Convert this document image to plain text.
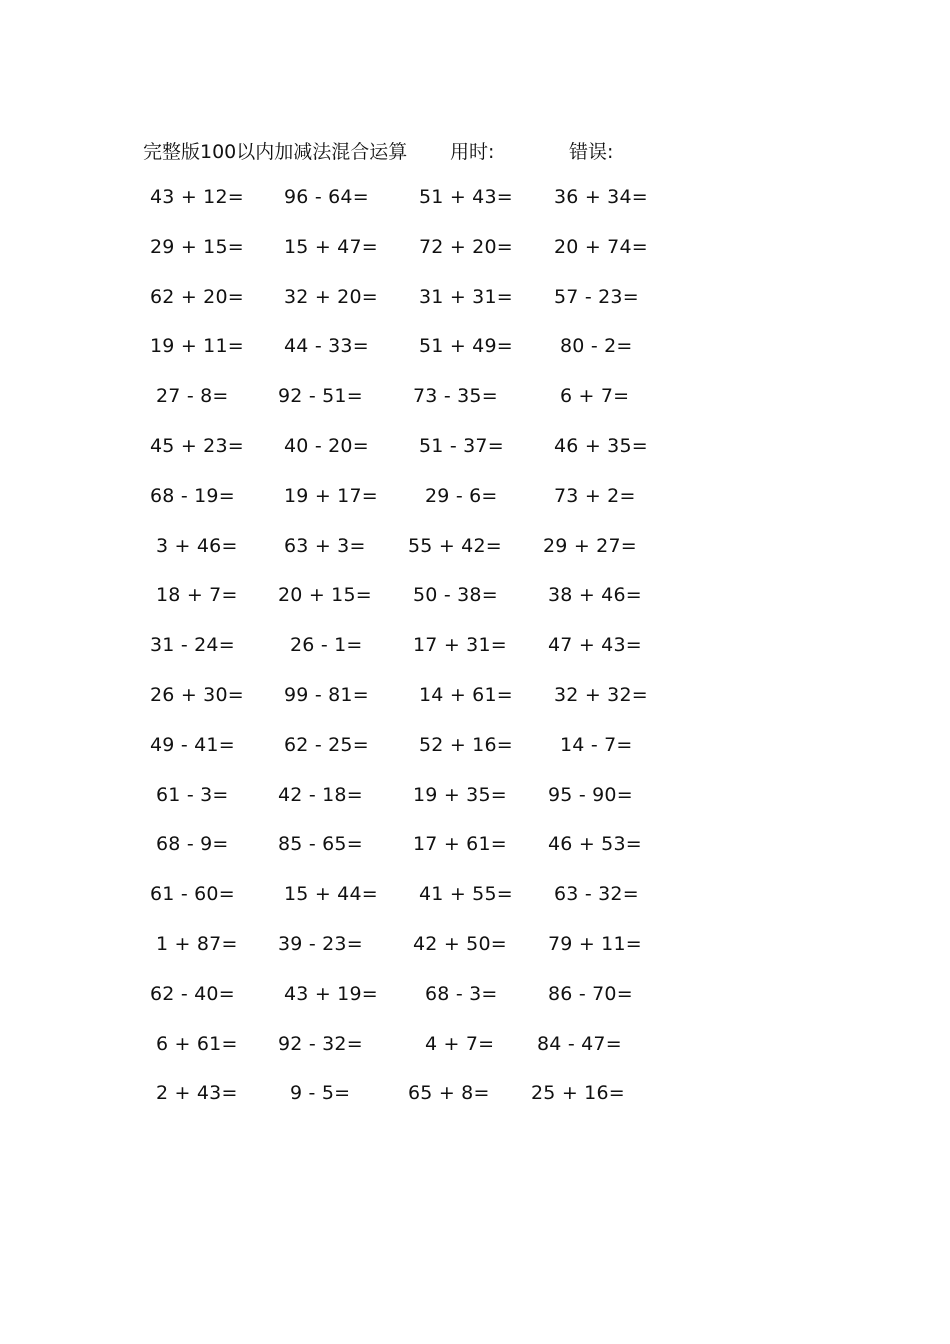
完整版100以内加减法混合运算 用时:	错误:
43 + 12= 96 - 64=	51 + 43= 36 + 34=
29 + 15= 15 + 47= 72 + 20= 20 + 74=
62 + 20= 32 + 20= 31 + 31= 57 - 23=
19 + 11= 44 - 33=	51 + 49= 80 - 2=
27 - 8=	92 - 51=	73 - 35=	6 + 7=
45 + 23= 40 - 20=	51 - 37=	46 + 35=
68 - 19=	19 + 17= 29 - 6=	73 + 2=
3 + 46= 63 + 3= 55 + 42= 29 + 27=
18 + 7= 20 + 15= 50 - 38=	38 + 46=
31 - 24=	26 - 1=	17 + 31= 47 + 43=
26 + 30= 99 - 81=	14 + 61= 32 + 32=
49 - 41=	62 - 25=	52 + 16= 14 - 7=
61 - 3=	42 - 18=	19 + 35= 95 - 90=
68 - 9=	85 - 65=	17 + 61= 46 + 53=
61 - 60=	15 + 44= 41 + 55= 63 - 32=
1 + 87= 39 - 23=	42 + 50= 79 + 11=
62 - 40=	43 + 19= 68 - 3=	86 - 70=
6 + 61= 92 - 32=	4 + 7= 84 - 47=
2 + 43=	9 - 5=	65 + 8= 25 + 16=
